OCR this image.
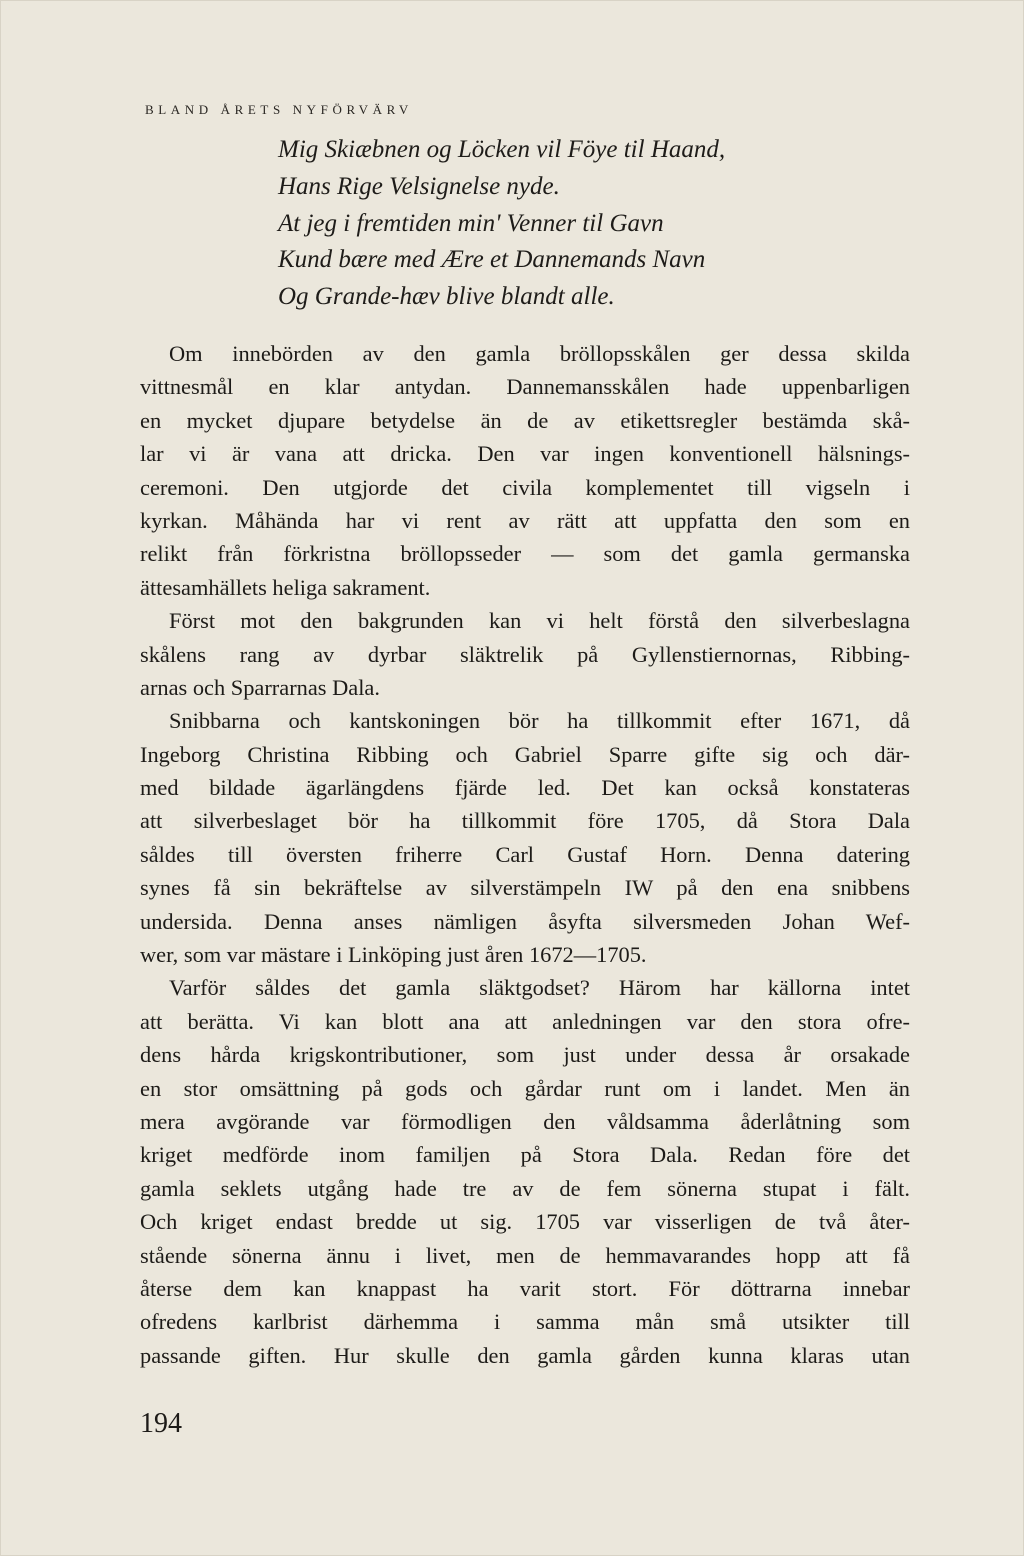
BLAND ÅRETS NYFÖRVÄRV
Mig Skiæbnen og Löcken vil Föye til Haand,
Hans Rige Velsignelse nyde.
At jeg i fremtiden min' Venner til Gavn
Kund bære med Ære et Dannemands Navn
Og Grande-hæv blive blandt alle.
Om innebörden av den gamla bröllopsskålen ger dessa skilda
vittnesmål en klar antydan. Dannemansskålen hade uppenbarligen
en mycket djupare betydelse än de av etikettsregler bestämda skå-
lar vi är vana att dricka. Den var ingen konventionell hälsnings-
ceremoni. Den utgjorde det civila komplementet till vigseln i
kyrkan. Måhända har vi rent av rätt att uppfatta den som en
relikt från förkristna bröllopsseder — som det gamla germanska
ättesamhällets heliga sakrament.
Först mot den bakgrunden kan vi helt förstå den silverbeslagna
skålens rang av dyrbar släktrelik på Gyllenstiernornas, Ribbing-
arnas och Sparrarnas Dala.
Snibbarna och kantskoningen bör ha tillkommit efter 1671, då
Ingeborg Christina Ribbing och Gabriel Sparre gifte sig och där-
med bildade ägarlängdens fjärde led. Det kan också konstateras
att silverbeslaget bör ha tillkommit före 1705, då Stora Dala
såldes till översten friherre Carl Gustaf Horn. Denna datering
synes få sin bekräftelse av silverstämpeln IW på den ena snibbens
undersida. Denna anses nämligen åsyfta silversmeden Johan Wef-
wer, som var mästare i Linköping just åren 1672—1705.
Varför såldes det gamla släktgodset? Härom har källorna intet
att berätta. Vi kan blott ana att anledningen var den stora ofre-
dens hårda krigskontributioner, som just under dessa år orsakade
en stor omsättning på gods och gårdar runt om i landet. Men än
mera avgörande var förmodligen den våldsamma åderlåtning som
kriget medförde inom familjen på Stora Dala. Redan före det
gamla seklets utgång hade tre av de fem sönerna stupat i fält.
Och kriget endast bredde ut sig. 1705 var visserligen de två åter-
stående sönerna ännu i livet, men de hemmavarandes hopp att få
återse dem kan knappast ha varit stort. För döttrarna innebar
ofredens karlbrist därhemma i samma mån små utsikter till
passande giften. Hur skulle den gamla gården kunna klaras utan
194
